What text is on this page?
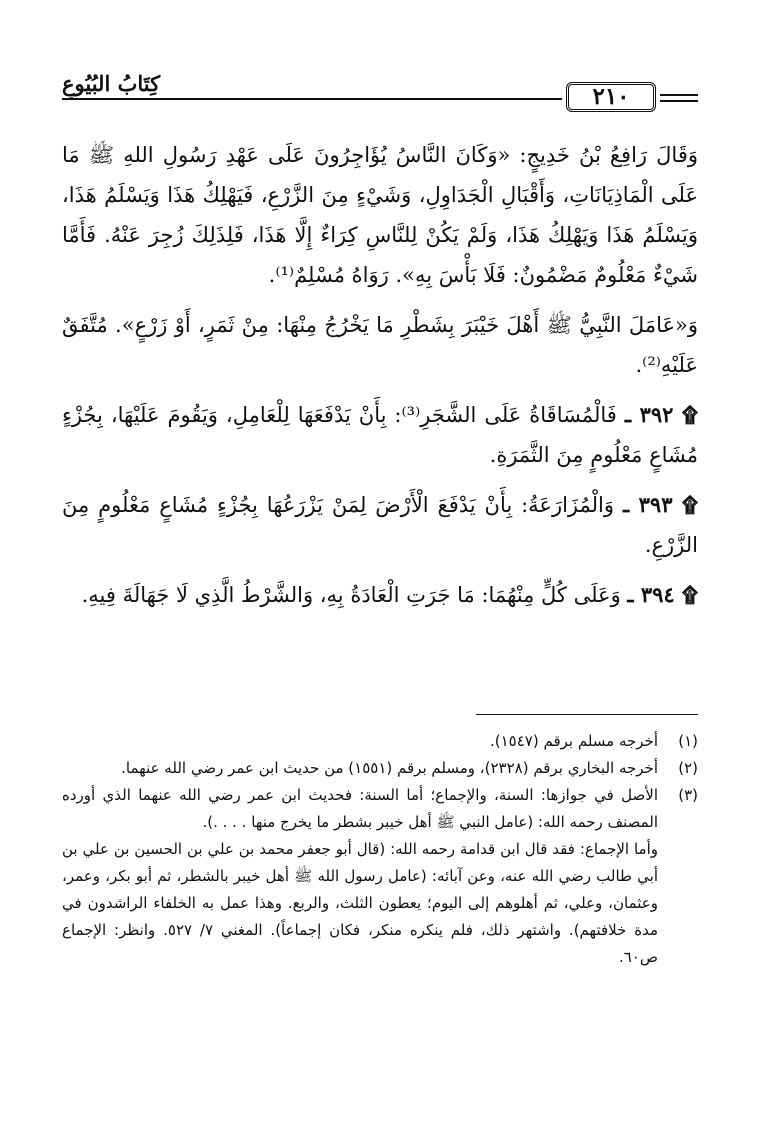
كِتَابُ البُيُوعِ	٢١٠

وَقَالَ رَافِعُ بْنُ خَدِيجٍ: «وَكَانَ النَّاسُ يُؤَاجِرُونَ عَلَى عَهْدِ رَسُولِ اللهِ ﷺ مَا عَلَى الْمَاذِيَانَاتِ، وَأَقْبَالِ الْجَدَاوِلِ، وَشَيْءٍ مِنَ الزَّرْعِ، فَيَهْلِكُ هَذَا وَيَسْلَمُ هَذَا، وَيَسْلَمُ هَذَا وَيَهْلِكُ هَذَا، وَلَمْ يَكُنْ لِلنَّاسِ كِرَاءٌ إِلَّا هَذَا، فَلِذَلِكَ زُجِرَ عَنْهُ. فَأَمَّا شَيْءٌ مَعْلُومٌ مَضْمُونٌ: فَلَا بَأْسَ بِهِ». رَوَاهُ مُسْلِمٌ⁽¹⁾.

وَ«عَامَلَ النَّبِيُّ ﷺ أَهْلَ خَيْبَرَ بِشَطْرِ مَا يَخْرُجُ مِنْهَا: مِنْ ثَمَرٍ، أَوْ زَرْعٍ». مُتَّفَقٌ عَلَيْهِ⁽²⁾.

۩ ٣٩٢ ـ فَالْمُسَاقَاةُ عَلَى الشَّجَرِ⁽³⁾: بِأَنْ يَدْفَعَهَا لِلْعَامِلِ، وَيَقُومَ عَلَيْهَا، بِجُزْءٍ مُشَاعٍ مَعْلُومٍ مِنَ الثَّمَرَةِ.

۩ ٣٩٣ ـ وَالْمُزَارَعَةُ: بِأَنْ يَدْفَعَ الْأَرْضَ لِمَنْ يَزْرَعُهَا بِجُزْءٍ مُشَاعٍ مَعْلُومٍ مِنَ الزَّرْعِ.

۩ ٣٩٤ ـ وَعَلَى كُلٍّ مِنْهُمَا: مَا جَرَتِ الْعَادَةُ بِهِ، وَالشَّرْطُ الَّذِي لَا جَهَالَةَ فِيهِ.

(١)
أخرجه مسلم برقم (١٥٤٧).
(٢)
أخرجه البخاري برقم (٢٣٢٨)، ومسلم برقم (١٥٥١) من حديث ابن عمر رضي الله عنهما.
(٣)
الأصل في جوازها: السنة، والإجماع؛ أما السنة: فحديث ابن عمر رضي الله عنهما الذي أورده المصنف رحمه الله: (عامل النبي ﷺ أهل خيبر بشطر ما يخرج منها . . . .).
وأما الإجماع: فقد قال ابن قدامة رحمه الله: (قال أبو جعفر محمد بن علي بن الحسين بن علي بن أبي طالب رضي الله عنه، وعن آبائه: (عامل رسول الله ﷺ أهل خيبر بالشطر، ثم أبو بكر، وعمر، وعثمان، وعلي، ثم أهلوهم إلى اليوم؛ يعطون الثلث، والربع. وهذا عمل به الخلفاء الراشدون في مدة خلافتهم). واشتهر ذلك، فلم ينكره منكر، فكان إجماعاً). المغني ٧/ ٥٢٧. وانظر: الإجماع ص٦٠.
